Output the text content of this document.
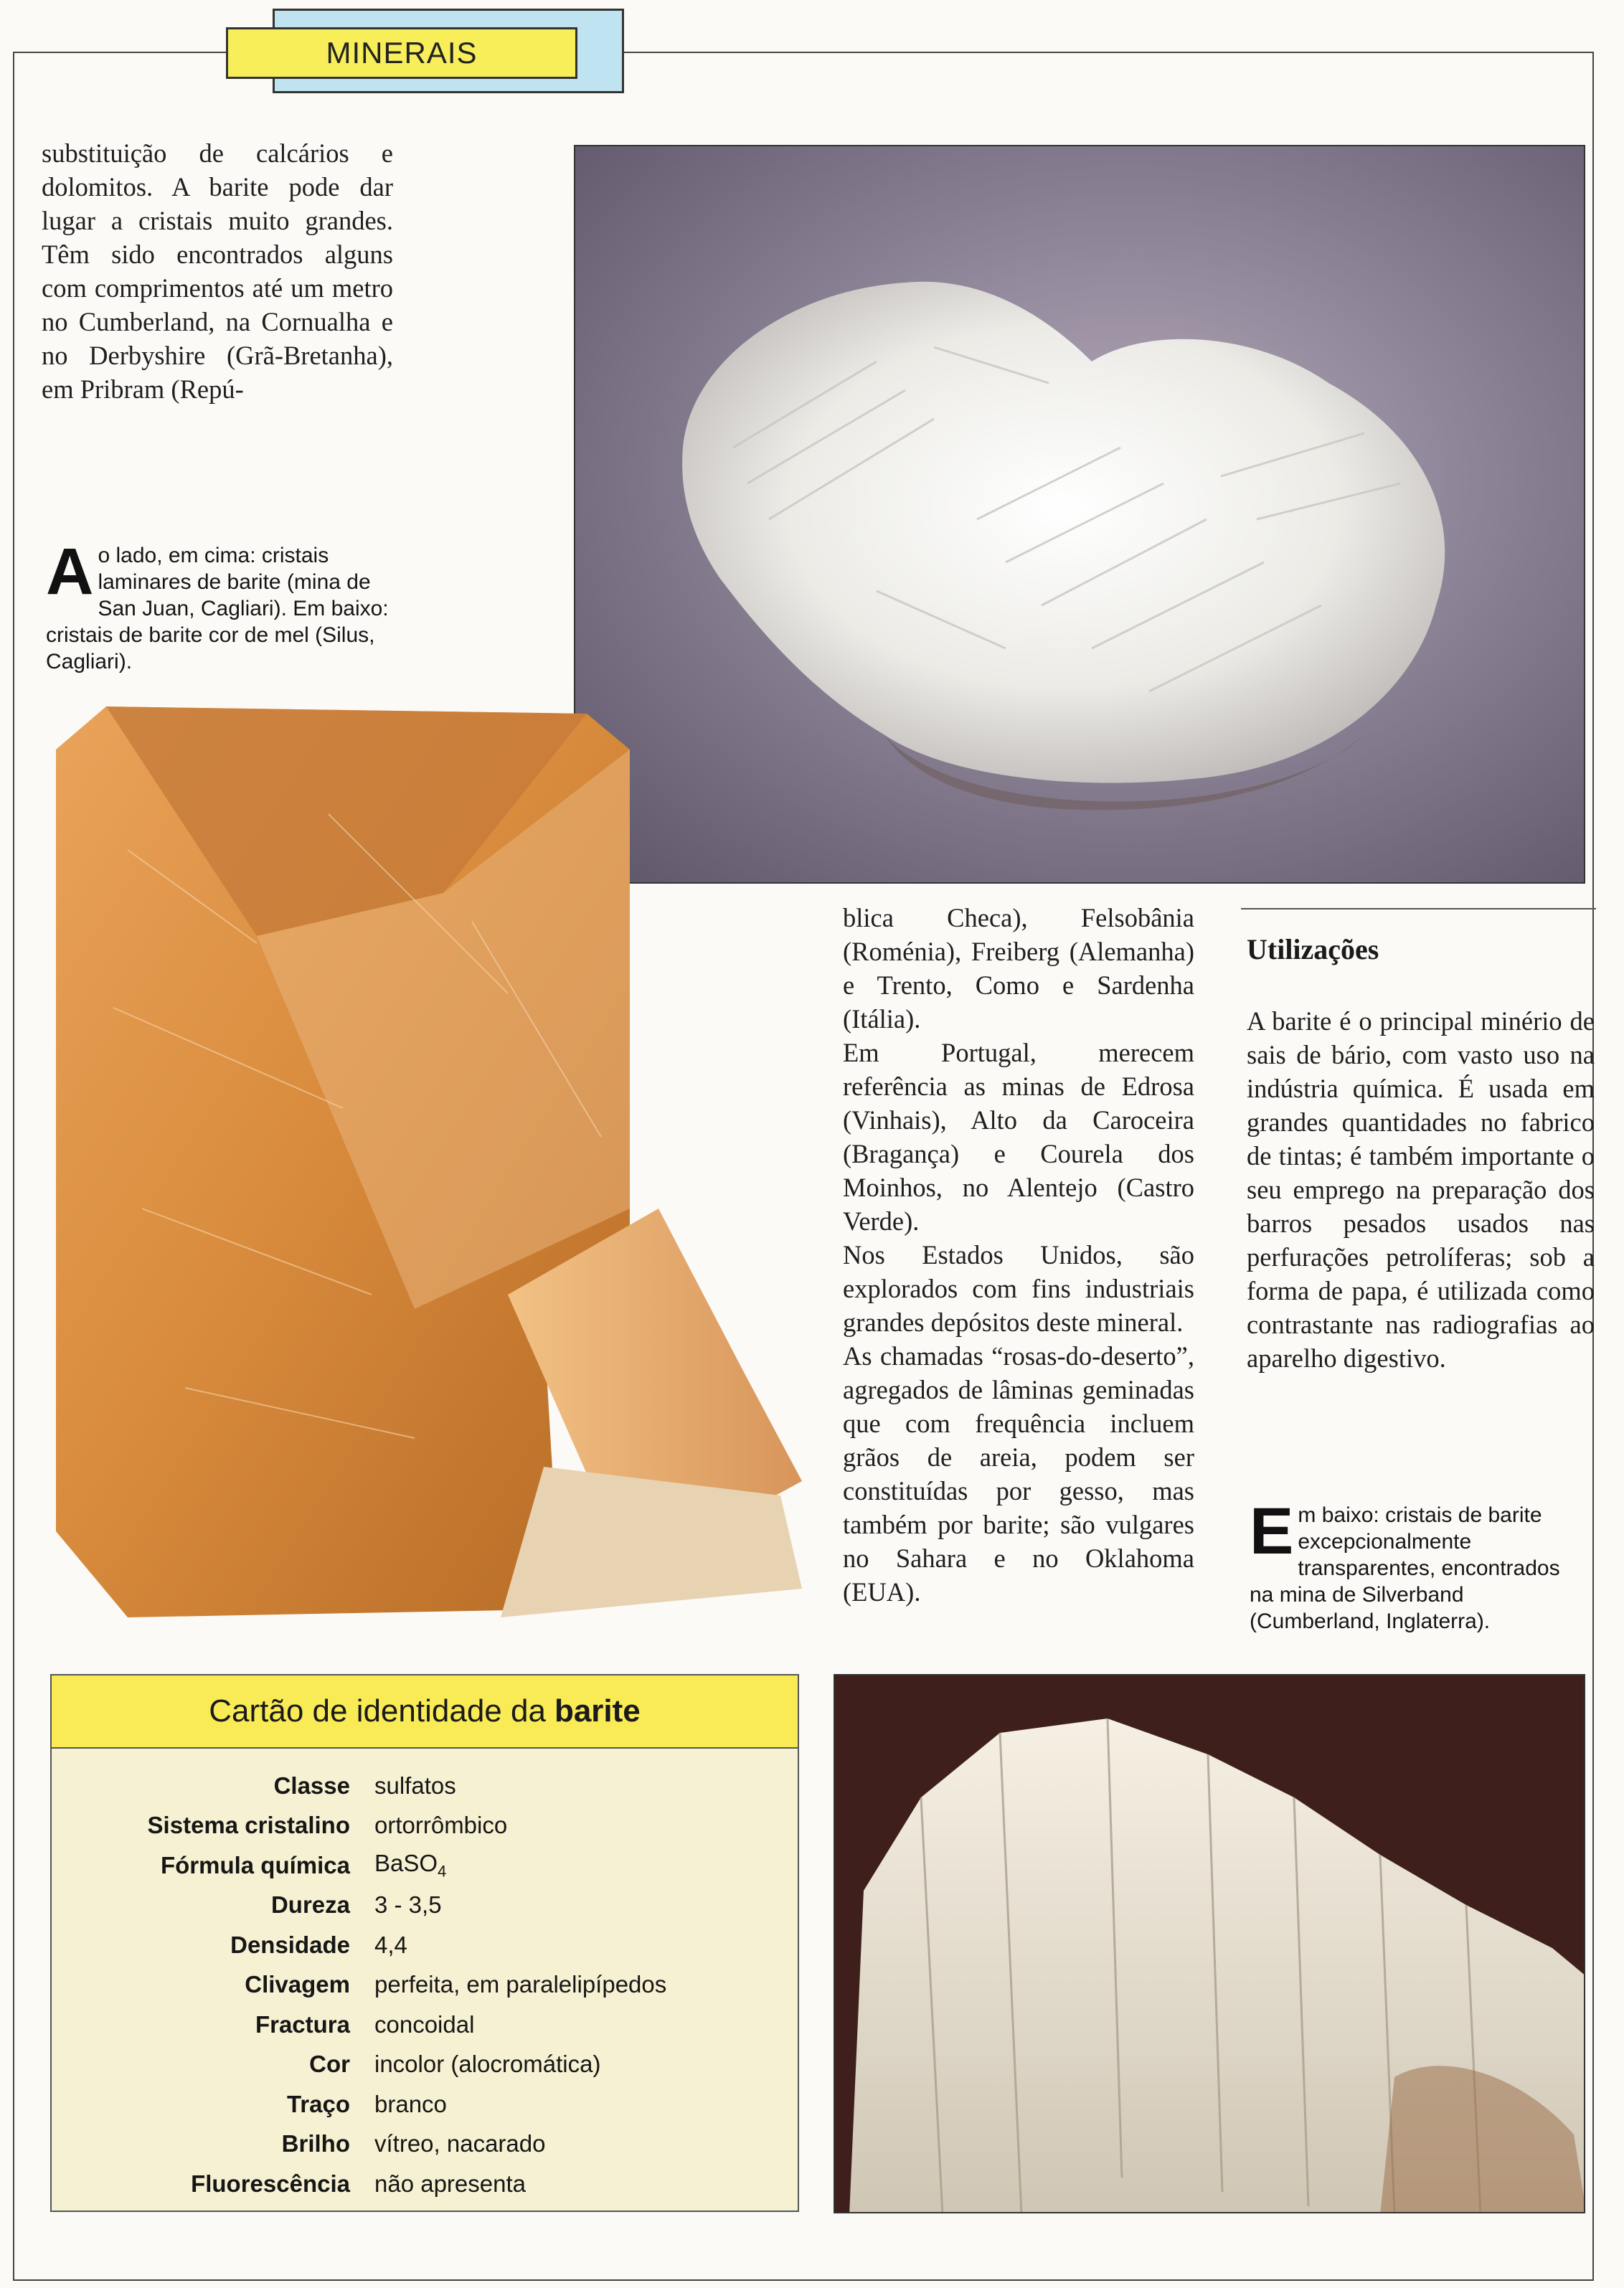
MINERAIS

substituição de calcários e dolomitos. A barite pode dar lugar a cristais muito grandes. Têm sido encontrados alguns com comprimentos até um metro no Cumberland, na Cornualha e no Derbyshire (Grã-Bretanha), em Pribram (Repú-

Ao lado, em cima: cristais laminares de barite (mina de San Juan, Cagliari). Em baixo: cristais de barite cor de mel (Silus, Cagliari).

blica Checa), Felsobânia (Roménia), Freiberg (Alemanha) e Trento, Como e Sardenha (Itália).

Em Portugal, merecem referência as minas de Edrosa (Vinhais), Alto da Caroceira (Bragança) e Courela dos Moinhos, no Alentejo (Castro Verde).

Nos Estados Unidos, são explorados com fins industriais grandes depósitos deste mineral.

As chamadas “rosas-do-deserto”, agregados de lâminas geminadas que com frequência incluem grãos de areia, podem ser constituídas por gesso, mas também por barite; são vulgares no Sahara e no Oklahoma (EUA).

Utilizações

A barite é o principal minério de sais de bário, com vasto uso na indústria química. É usada em grandes quantidades no fabrico de tintas; é também importante o seu emprego na preparação dos barros pesados usados nas perfurações petrolíferas; sob a forma de papa, é utilizada como contrastante nas radiografias ao aparelho digestivo.

Em baixo: cristais de barite excepcionalmente transparentes, encontrados na mina de Silverband (Cumberland, Inglaterra).
Cartão de identidade da barite
Classe	sulfatos
Sistema cristalino	ortorrômbico
Fórmula química	BaSO$_4$
Dureza	3 - 3,5
Densidade	4,4
Clivagem	perfeita, em paralelipípedos
Fractura	concoidal
Cor	incolor (alocromática)
Traço	branco
Brilho	vítreo, nacarado
Fluorescência	não apresenta
